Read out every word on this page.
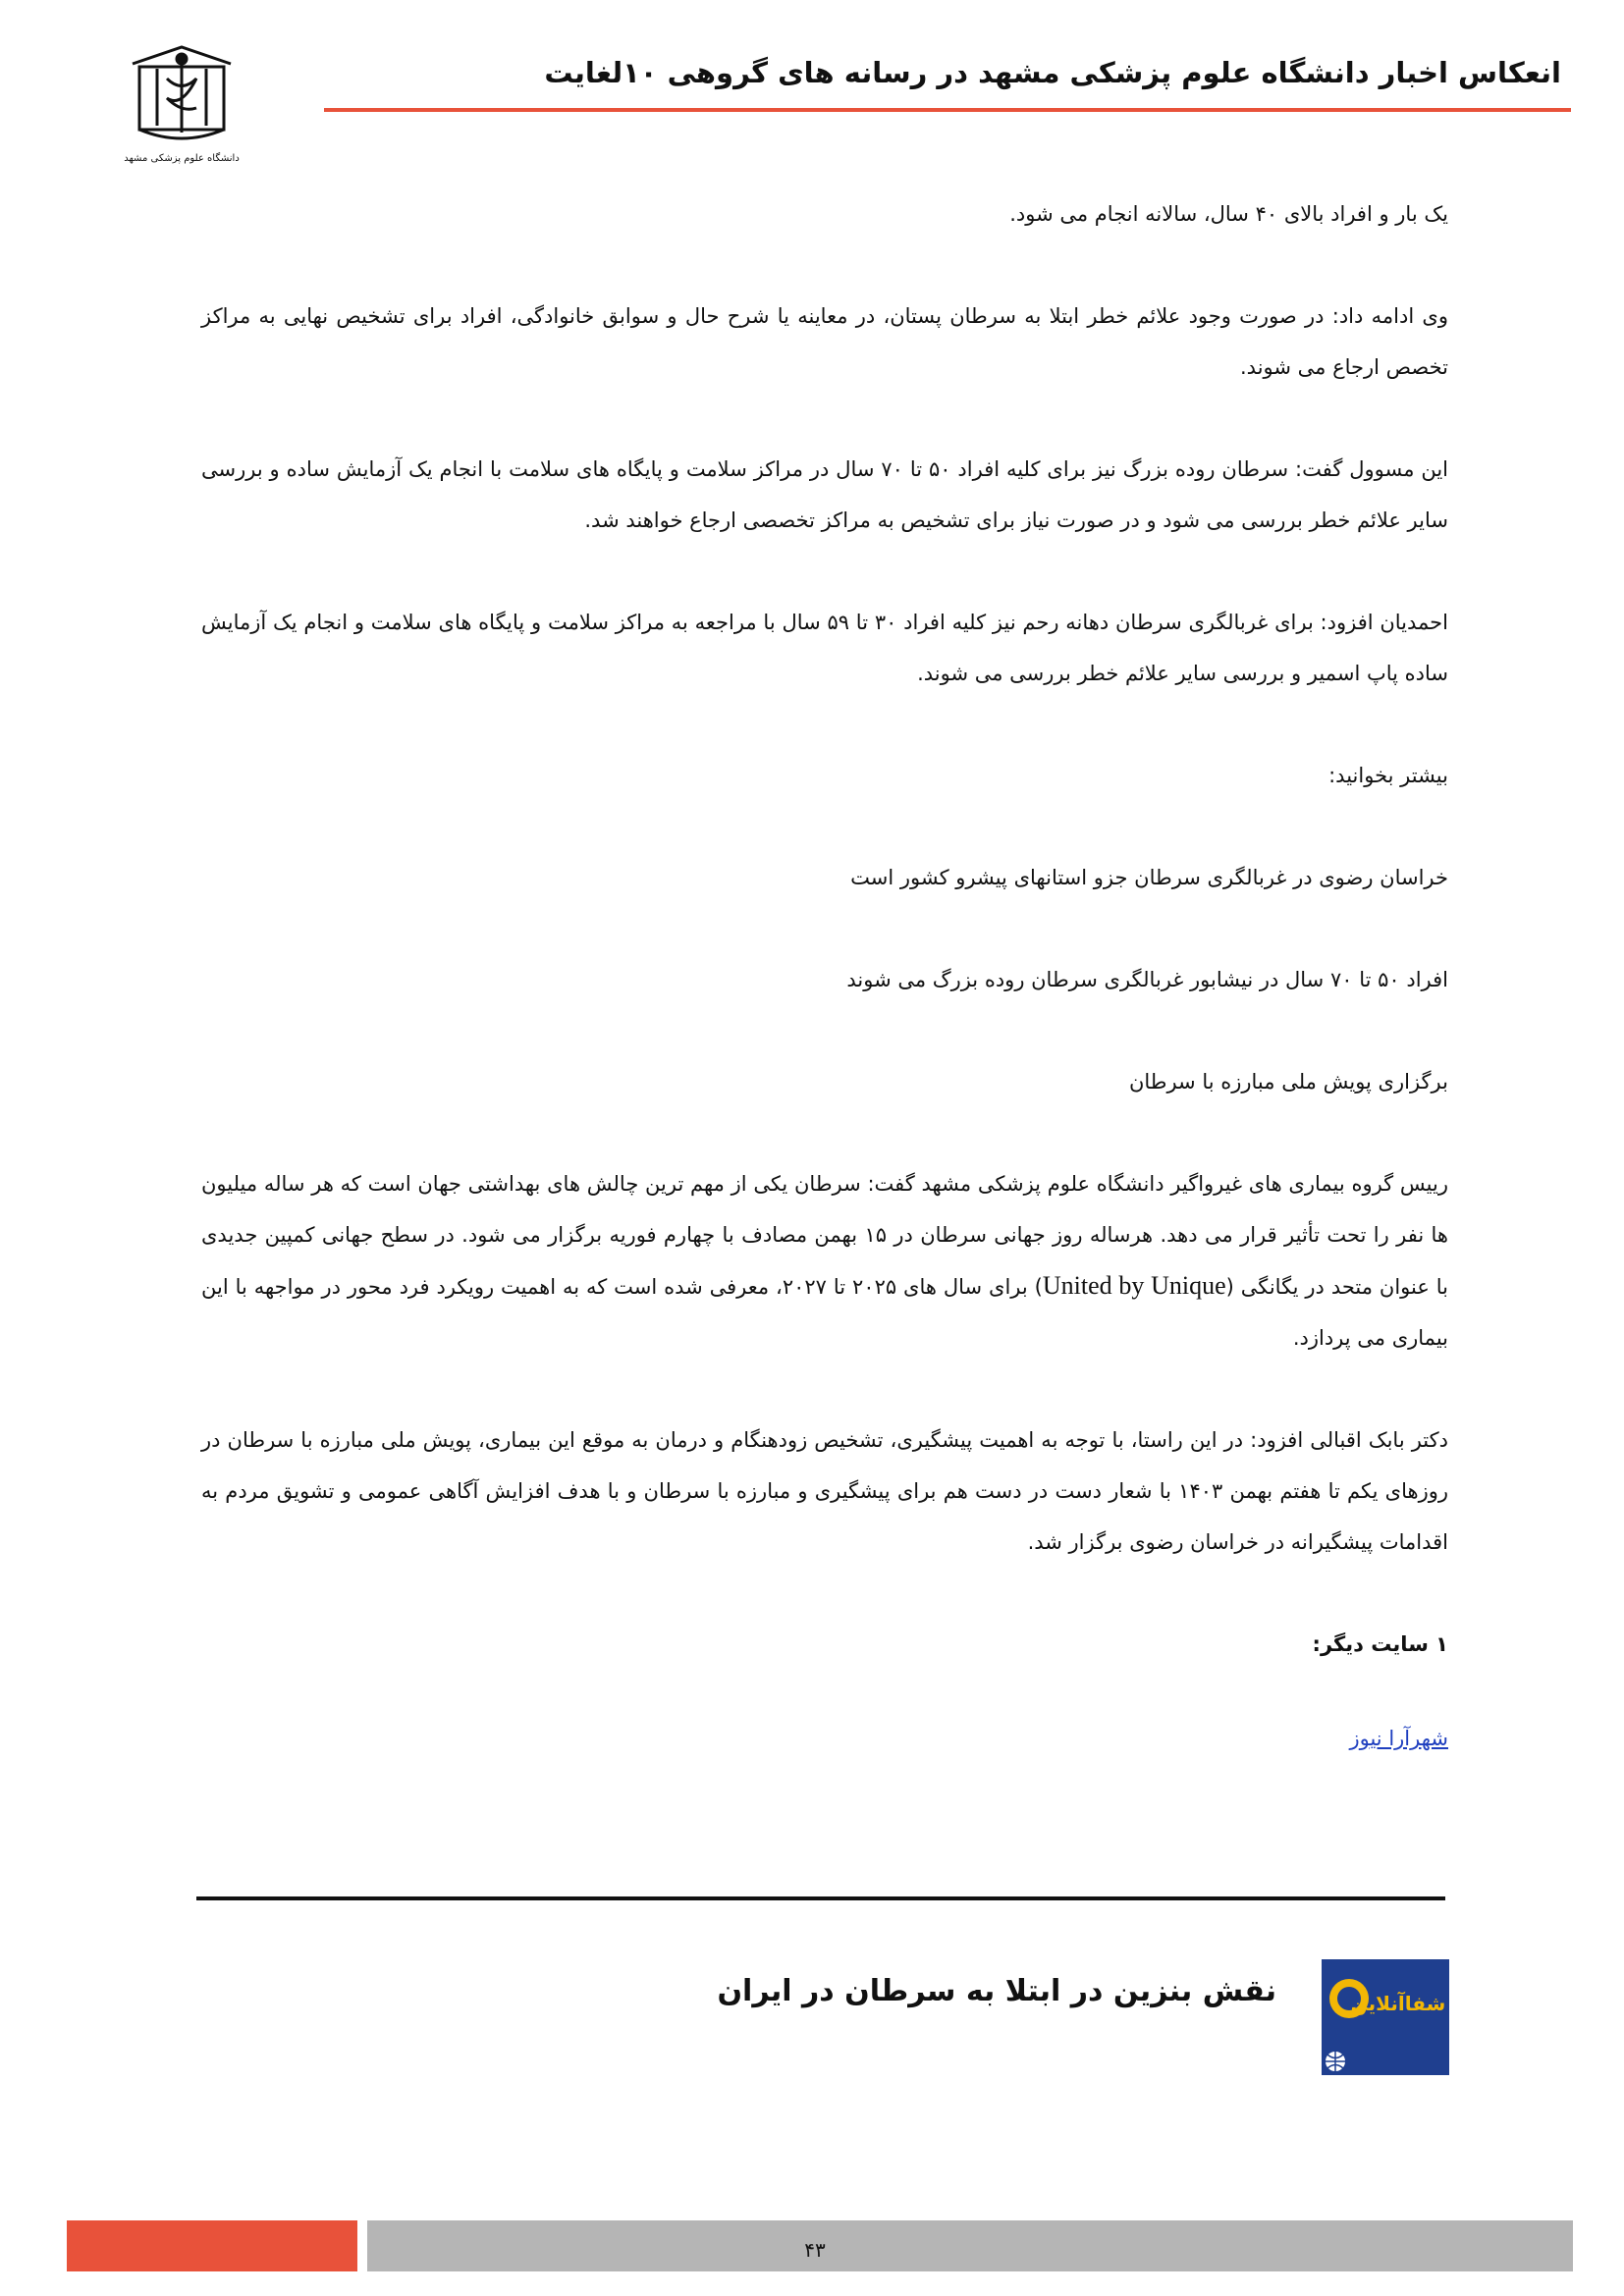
انعکاس اخبار دانشگاه علوم پزشکی مشهد در رسانه های گروهی ۱۰لغایت
دانشگاه علوم پزشکی مشهد

یک بار و افراد بالای ۴۰ سال، سالانه انجام می شود.

وی ادامه داد: در صورت وجود علائم خطر ابتلا به سرطان پستان، در معاینه یا شرح حال و سوابق خانوادگی، افراد برای تشخیص نهایی به مراکز تخصص ارجاع می شوند.

این مسوول گفت: سرطان روده بزرگ نیز برای کلیه افراد ۵۰ تا ۷۰ سال در مراکز سلامت و پایگاه های سلامت با انجام یک آزمایش ساده و بررسی سایر علائم خطر بررسی می شود و در صورت نیاز برای تشخیص به مراکز تخصصی ارجاع خواهند شد.

احمدیان افزود: برای غربالگری سرطان دهانه رحم نیز کلیه افراد ۳۰ تا ۵۹ سال با مراجعه به مراکز سلامت و پایگاه های سلامت و انجام یک آزمایش ساده پاپ اسمیر و بررسی سایر علائم خطر بررسی می شوند.

بیشتر بخوانید:

خراسان رضوی در غربالگری سرطان جزو استانهای پیشرو کشور است

افراد ۵۰ تا ۷۰ سال در نیشابور غربالگری سرطان روده بزرگ می شوند

برگزاری پویش ملی مبارزه با سرطان

رییس گروه بیماری های غیرواگیر دانشگاه علوم پزشکی مشهد گفت: سرطان یکی از مهم ترین چالش های بهداشتی جهان است که هر ساله میلیون ها نفر را تحت تأثیر قرار می دهد. هرساله روز جهانی سرطان در ۱۵ بهمن مصادف با چهارم فوریه برگزار می شود. در سطح جهانی کمپین جدیدی با عنوان متحد در یگانگی (United by Unique) برای سال های ۲۰۲۵ تا ۲۰۲۷، معرفی شده است که به اهمیت رویکرد فرد محور در مواجهه با این بیماری می پردازد.

دکتر بابک اقبالی افزود: در این راستا، با توجه به اهمیت پیشگیری، تشخیص زودهنگام و درمان به موقع این بیماری، پویش ملی مبارزه با سرطان در روزهای یکم تا هفتم بهمن ۱۴۰۳ با شعار دست در دست هم برای پیشگیری و مبارزه با سرطان و با هدف افزایش آگاهی عمومی و تشویق مردم به اقدامات پیشگیرانه در خراسان رضوی برگزار شد.

۱ سایت دیگر:

شهرآرا نیوز

نقش بنزین در ابتلا به سرطان در ایران	شفاآنلاین
۴۳
